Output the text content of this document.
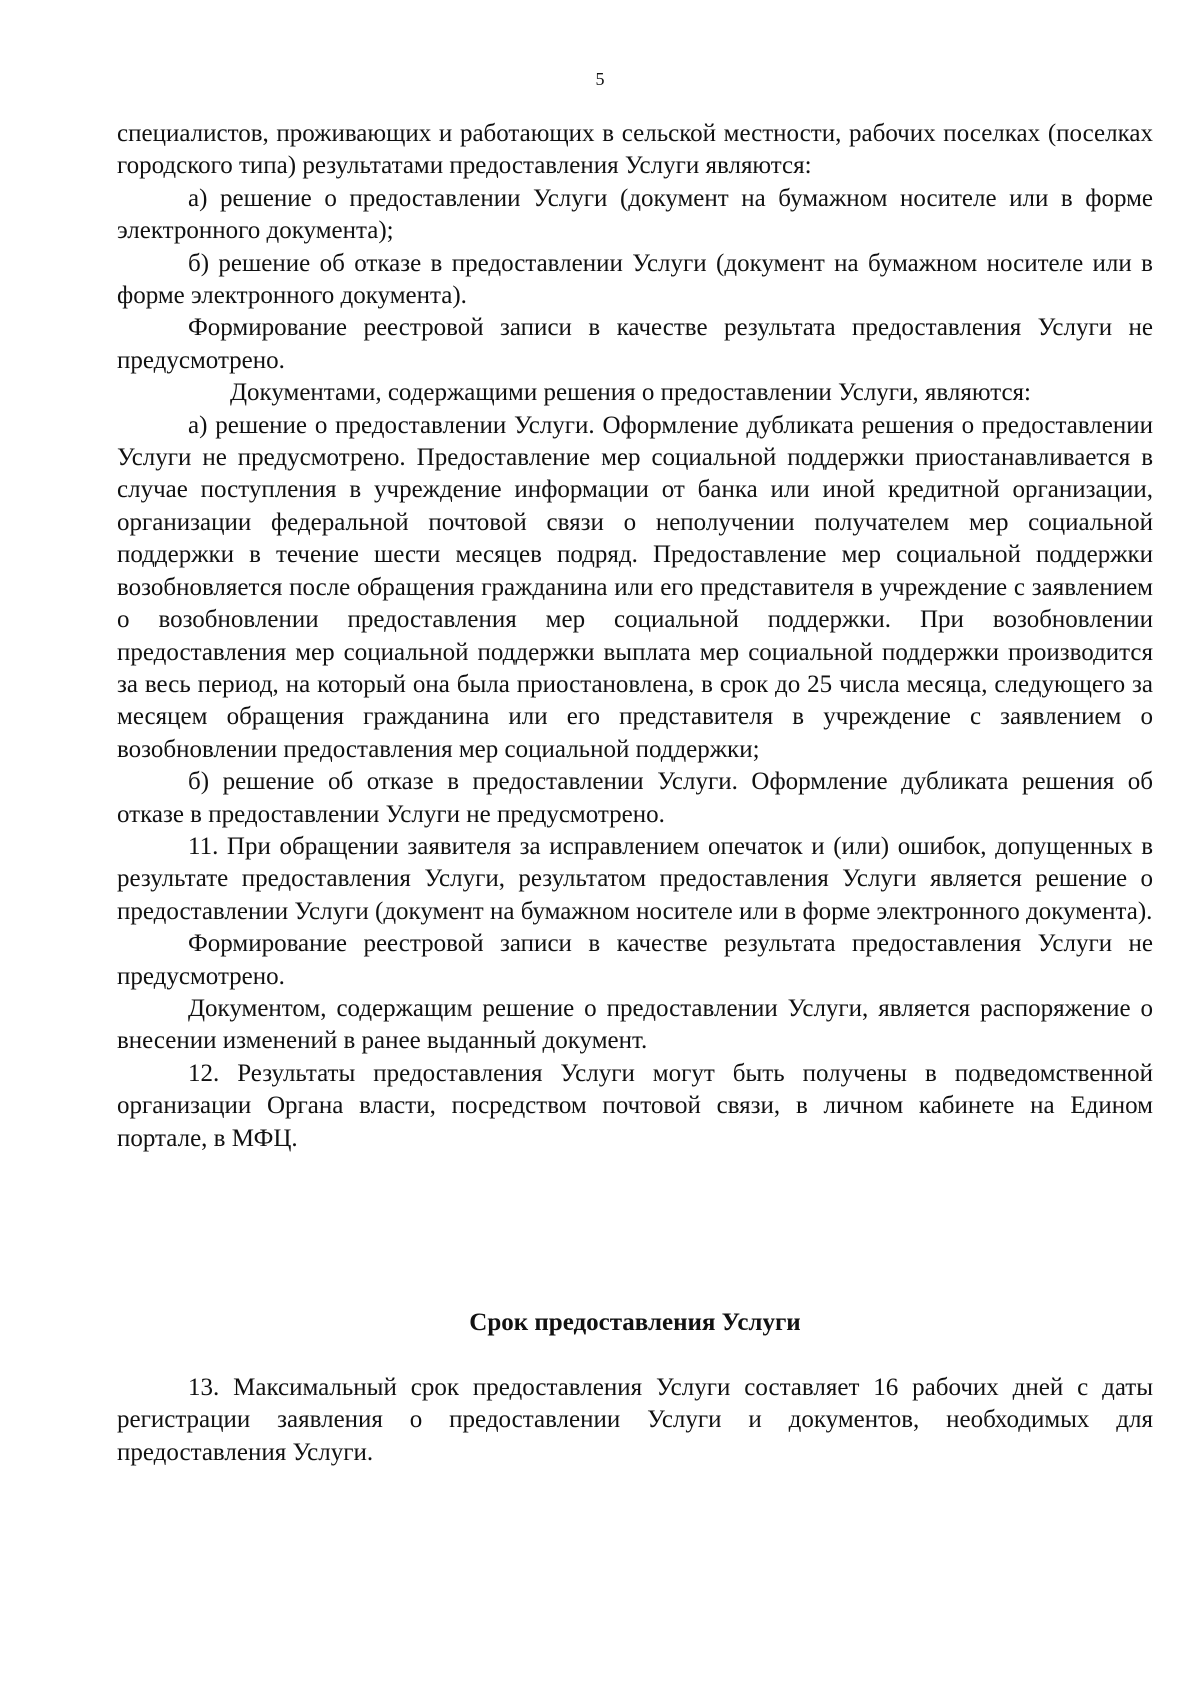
5

специалистов, проживающих и работающих в сельской местности, рабочих поселках (поселках городского типа) результатами предоставления Услуги являются:

а) решение о предоставлении Услуги (документ на бумажном носителе или в форме электронного документа);

б) решение об отказе в предоставлении Услуги (документ на бумажном носителе или в форме электронного документа).

Формирование реестровой записи в качестве результата предоставления Услуги не предусмотрено.

Документами, содержащими решения о предоставлении Услуги, являются:

а) решение о предоставлении Услуги. Оформление дубликата решения о предоставлении Услуги не предусмотрено. Предоставление мер социальной поддержки приостанавливается в случае поступления в учреждение информации от банка или иной кредитной организации, организации федеральной почтовой связи о неполучении получателем мер социальной поддержки в течение шести месяцев подряд. Предоставление мер социальной поддержки возобновляется после обращения гражданина или его представителя в учреждение с заявлением о возобновлении предоставления мер социальной поддержки. При возобновлении предоставления мер социальной поддержки выплата мер социальной поддержки производится за весь период, на который она была приостановлена, в срок до 25 числа месяца, следующего за месяцем обращения гражданина или его представителя в учреждение с заявлением о возобновлении предоставления мер социальной поддержки;

б) решение об отказе в предоставлении Услуги. Оформление дубликата решения об отказе в предоставлении Услуги не предусмотрено.

11. При обращении заявителя за исправлением опечаток и (или) ошибок, допущенных в результате предоставления Услуги, результатом предоставления Услуги является решение о предоставлении Услуги (документ на бумажном носителе или в форме электронного документа).

Формирование реестровой записи в качестве результата предоставления Услуги не предусмотрено.

Документом, содержащим решение о предоставлении Услуги, является распоряжение о внесении изменений в ранее выданный документ.

12. Результаты предоставления Услуги могут быть получены в подведомственной организации Органа власти, посредством почтовой связи, в личном кабинете на Едином портале, в МФЦ.

Срок предоставления Услуги

13. Максимальный срок предоставления Услуги составляет 16 рабочих дней с даты регистрации заявления о предоставлении Услуги и документов, необходимых для предоставления Услуги.
